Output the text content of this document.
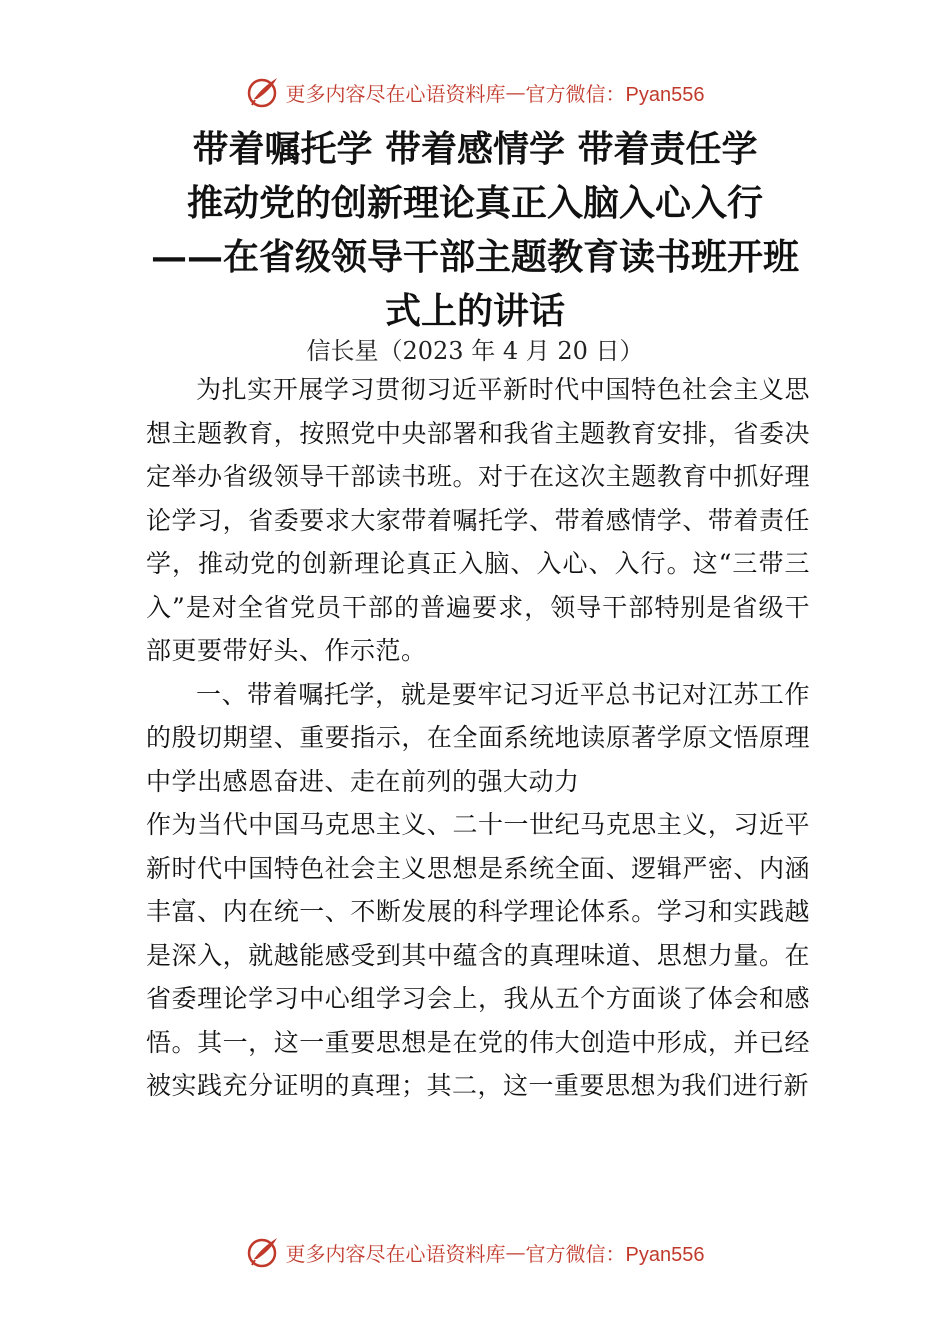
更多内容尽在心语资料库 — 官方微信：Pyan556
带着嘱托学 带着感情学 带着责任学
推动党的创新理论真正入脑入心入行
——在省级领导干部主题教育读书班开班
式上的讲话
信长星（2023 年 4 月 20 日）

为扎实开展学习贯彻习近平新时代中国特色社会主义思想主题教育，按照党中央部署和我省主题教育安排，省委决定举办省级领导干部读书班。对于在这次主题教育中抓好理论学习，省委要求大家带着嘱托学、带着感情学、带着责任学，推动党的创新理论真正入脑、入心、入行。这“三带三入”是对全省党员干部的普遍要求，领导干部特别是省级干部更要带好头、作示范。

一、带着嘱托学，就是要牢记习近平总书记对江苏工作的殷切期望、重要指示，在全面系统地读原著学原文悟原理中学出感恩奋进、走在前列的强大动力

作为当代中国马克思主义、二十一世纪马克思主义，习近平新时代中国特色社会主义思想是系统全面、逻辑严密、内涵丰富、内在统一、不断发展的科学理论体系。学习和实践越是深入，就越能感受到其中蕴含的真理味道、思想力量。在省委理论学习中心组学习会上，我从五个方面谈了体会和感悟。其一，这一重要思想是在党的伟大创造中形成，并已经被实践充分证明的真理；其二，这一重要思想为我们进行新

更多内容尽在心语资料库 — 官方微信：Pyan556
